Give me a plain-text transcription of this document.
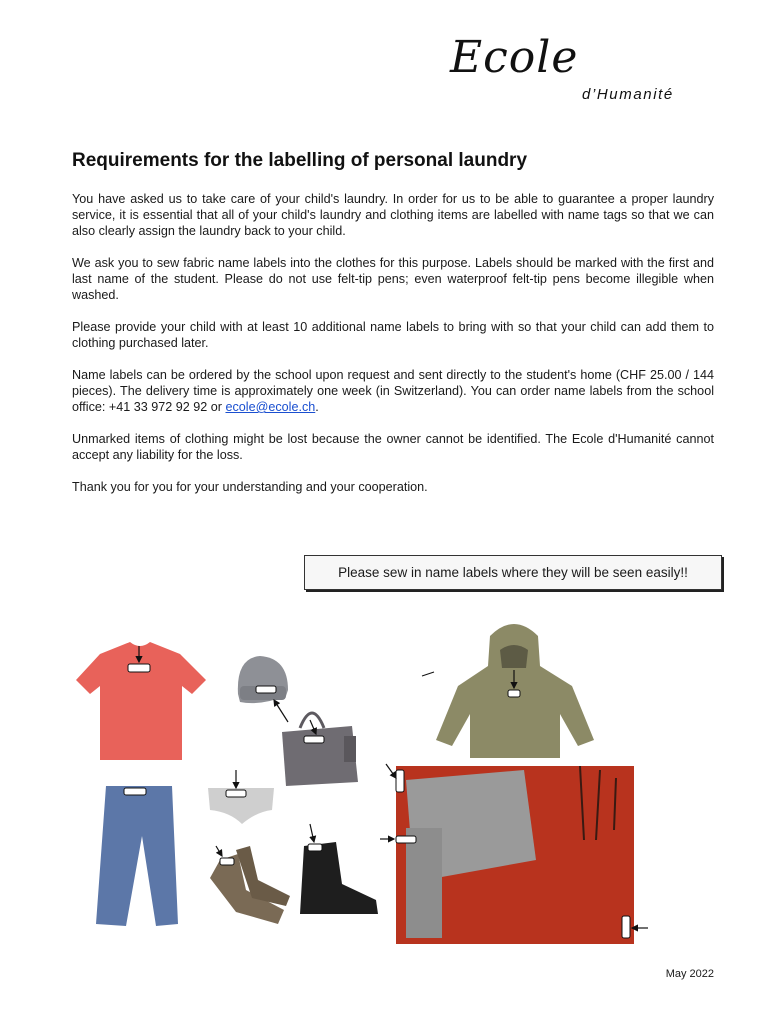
Ecole
d’Humanité
Requirements for the labelling of personal laundry

You have asked us to take care of your child's laundry. In order for us to be able to guarantee a proper laundry service, it is essential that all of your child's laundry and clothing items are labelled with name tags so that we can also clearly assign the laundry back to your child.

We ask you to sew fabric name labels into the clothes for this purpose. Labels should be marked with the first and last name of the student. Please do not use felt-tip pens; even waterproof felt-tip pens become illegible when washed.

Please provide your child with at least 10 additional name labels to bring with so that your child can add them to clothing purchased later.

Name labels can be ordered by the school upon request and sent directly to the student's home (CHF 25.00 / 144 pieces). The delivery time is approximately one week (in Switzerland). You can order name labels from the school office: +41 33 972 92 92 or ecole@ecole.ch.

Unmarked items of clothing might be lost because the owner cannot be identified. The Ecole d'Humanité cannot accept any liability for the loss.

Thank you for you for your understanding and your cooperation.

Please sew in name labels where they will be seen easily!!
May 2022
